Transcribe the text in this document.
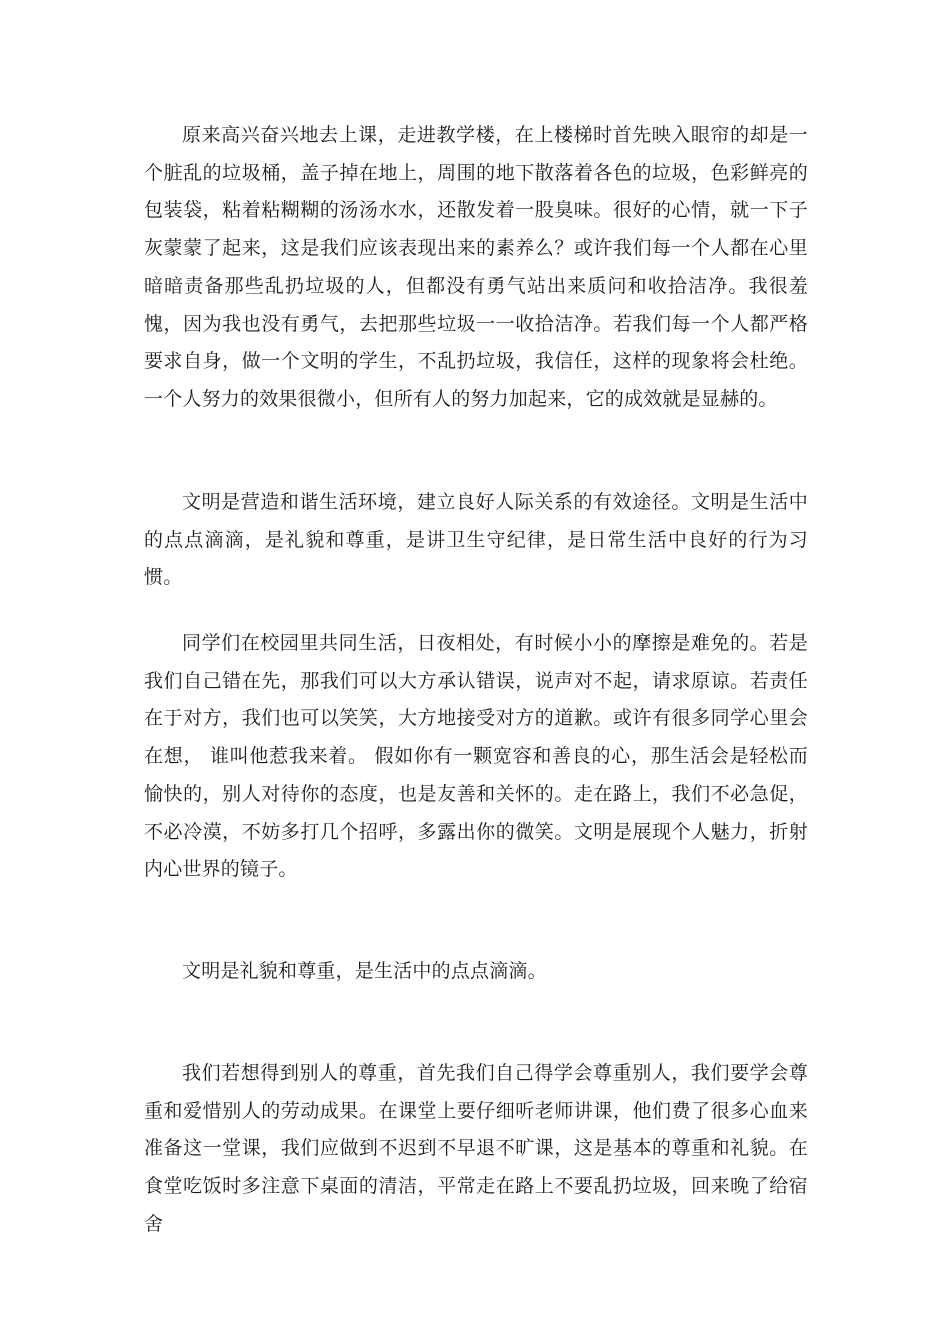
原来高兴奋兴地去上课，走进教学楼，在上楼梯时首先映入眼帘的却是一个脏乱的垃圾桶，盖子掉在地上，周围的地下散落着各色的垃圾，色彩鲜亮的包装袋，粘着粘糊糊的汤汤水水，还散发着一股臭味。很好的心情，就一下子灰蒙蒙了起来，这是我们应该表现出来的素养么？或许我们每一个人都在心里暗暗责备那些乱扔垃圾的人，但都没有勇气站出来质问和收拾洁净。我很羞愧，因为我也没有勇气，去把那些垃圾一一收拾洁净。若我们每一个人都严格要求自身，做一个文明的学生，不乱扔垃圾，我信任，这样的现象将会杜绝。一个人努力的效果很微小，但所有人的努力加起来，它的成效就是显赫的。

文明是营造和谐生活环境，建立良好人际关系的有效途径。文明是生活中的点点滴滴，是礼貌和尊重，是讲卫生守纪律，是日常生活中良好的行为习惯。

同学们在校园里共同生活，日夜相处，有时候小小的摩擦是难免的。若是我们自己错在先，那我们可以大方承认错误，说声对不起，请求原谅。若责任在于对方，我们也可以笑笑，大方地接受对方的道歉。或许有很多同学心里会在想， 谁叫他惹我来着。 假如你有一颗宽容和善良的心，那生活会是轻松而愉快的，别人对待你的态度，也是友善和关怀的。走在路上，我们不必急促，不必冷漠，不妨多打几个招呼，多露出你的微笑。文明是展现个人魅力，折射内心世界的镜子。

文明是礼貌和尊重，是生活中的点点滴滴。

我们若想得到别人的尊重，首先我们自己得学会尊重别人，我们要学会尊重和爱惜别人的劳动成果。在课堂上要仔细听老师讲课，他们费了很多心血来准备这一堂课，我们应做到不迟到不早退不旷课，这是基本的尊重和礼貌。在食堂吃饭时多注意下桌面的清洁，平常走在路上不要乱扔垃圾，回来晚了给宿舍
